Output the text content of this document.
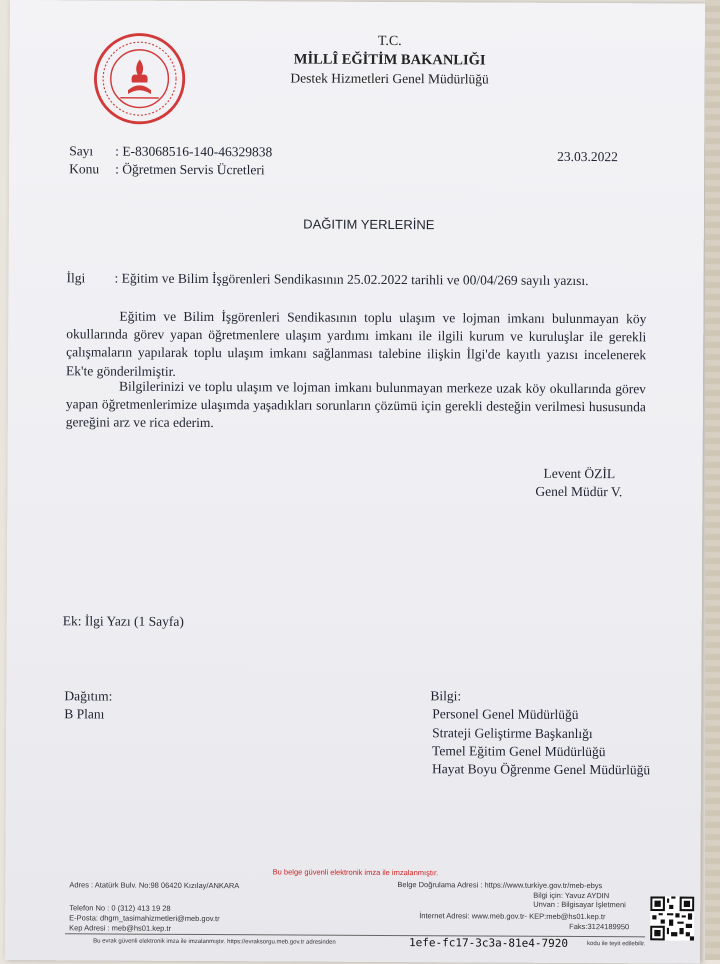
T.C.
MİLLÎ EĞİTİM BAKANLIĞI
Destek Hizmetleri Genel Müdürlüğü
Sayı : E-83068516-140-46329838	23.03.2022
Konu : Öğretmen Servis Ücretleri
DAĞITIM YERLERİNE
İlgi : Eğitim ve Bilim İşgörenleri Sendikasının 25.02.2022 tarihli ve 00/04/269 sayılı yazısı.
Eğitim ve Bilim İşgörenleri Sendikasının toplu ulaşım ve lojman imkanı bulunmayan köy okullarında görev yapan öğretmenlere ulaşım yardımı imkanı ile ilgili kurum ve kuruluşlar ile gerekli çalışmaların yapılarak toplu ulaşım imkanı sağlanması talebine ilişkin İlgi'de kayıtlı yazısı incelenerek Ek'te gönderilmiştir.
Bilgilerinizi ve toplu ulaşım ve lojman imkanı bulunmayan merkeze uzak köy okullarında görev yapan öğretmenlerimize ulaşımda yaşadıkları sorunların çözümü için gerekli desteğin verilmesi hususunda gereğini arz ve rica ederim.
Levent ÖZİL
Genel Müdür V.
Ek: İlgi Yazı (1 Sayfa)
Dağıtım:
B Planı
Bilgi:
Personel Genel Müdürlüğü
Strateji Geliştirme Başkanlığı
Temel Eğitim Genel Müdürlüğü
Hayat Boyu Öğrenme Genel Müdürlüğü
Bu belge güvenli elektronik imza ile imzalanmıştır.
Adres : Atatürk Bulv. No:98 06420 Kızılay/ANKARA	Belge Doğrulama Adresi : https://www.turkiye.gov.tr/meb-ebys
Bilgi için: Yavuz AYDIN
Unvan : Bilgisayar İşletmeni
Telefon No : 0 (312) 413 19 28
E-Posta: dhgm_tasimahizmetleri@meb.gov.tr	İnternet Adresi: www.meb.gov.tr- KEP:meb@hs01.kep.tr
Faks:3124189950
Kep Adresi : meb@hs01.kep.tr
Bu evrak güvenli elektronik imza ile imzalanmıştır. https://evraksorgu.meb.gov.tr adresinden	1efe-fc17-3c3a-81e4-7920	kodu ile teyit edilebilir.
